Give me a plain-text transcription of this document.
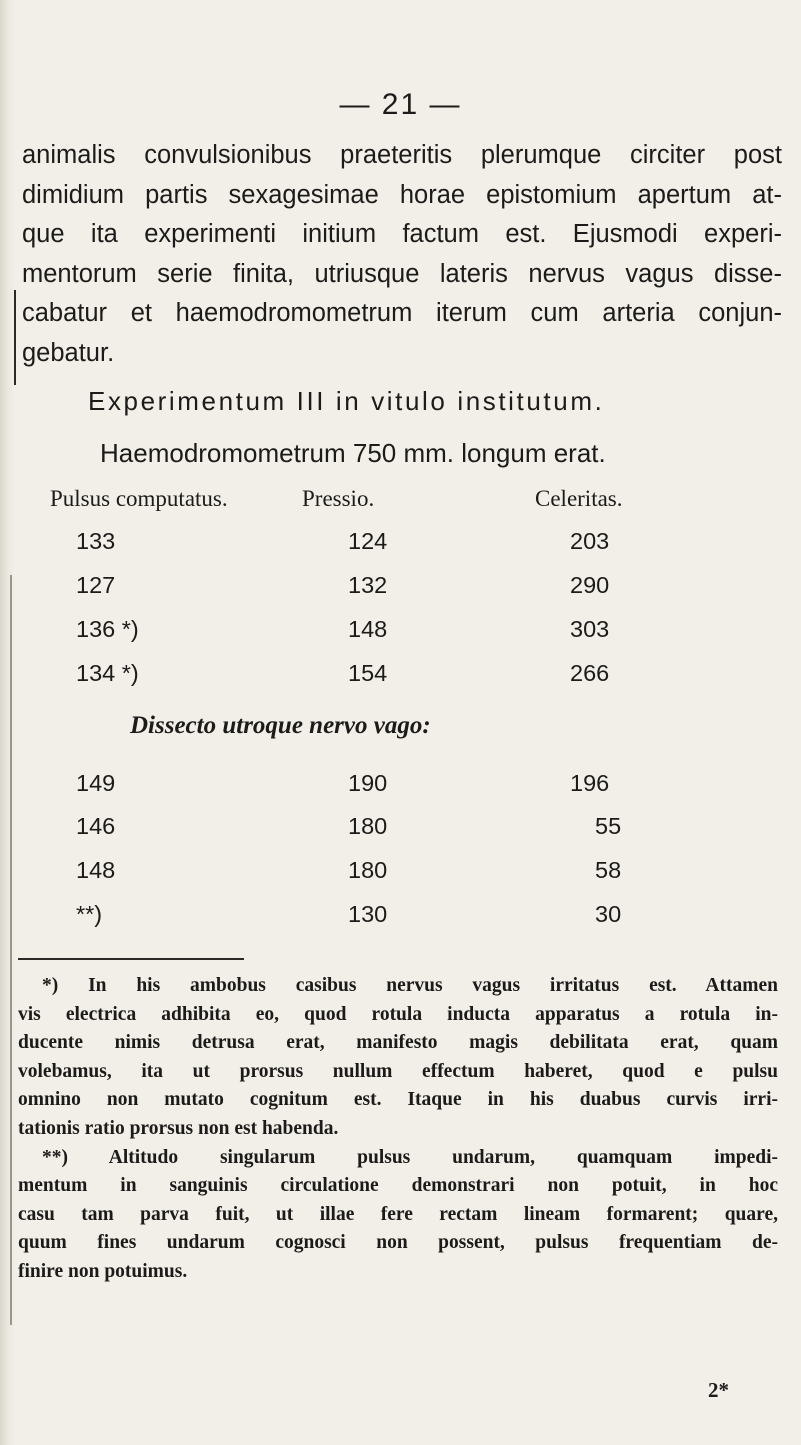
— 21 —
animalis convulsionibus praeteritis plerumque circiter post
dimidium partis sexagesimae horae epistomium apertum at-
que ita experimenti initium factum est. Ejusmodi experi-
mentorum serie finita, utriusque lateris nervus vagus disse-
cabatur et haemodromometrum iterum cum arteria conjun-
gebatur.
Experimentum III in vitulo institutum.
Haemodromometrum 750 mm. longum erat.
Pulsus computatus.	Pressio.	Celeritas.
133	124	203
127	132	290
136 *)	148	303
134 *)	154	266
Dissecto utroque nervo vago:
149	190	196
146	180	55
148	180	58
**)	130	30
*) In his ambobus casibus nervus vagus irritatus est. Attamen
vis electrica adhibita eo, quod rotula inducta apparatus a rotula in-
ducente nimis detrusa erat, manifesto magis debilitata erat, quam
volebamus, ita ut prorsus nullum effectum haberet, quod e pulsu
omnino non mutato cognitum est. Itaque in his duabus curvis irri-
tationis ratio prorsus non est habenda.
**) Altitudo singularum pulsus undarum, quamquam impedi-
mentum in sanguinis circulatione demonstrari non potuit, in hoc
casu tam parva fuit, ut illae fere rectam lineam formarent; quare,
quum fines undarum cognosci non possent, pulsus frequentiam de-
finire non potuimus.
2*
